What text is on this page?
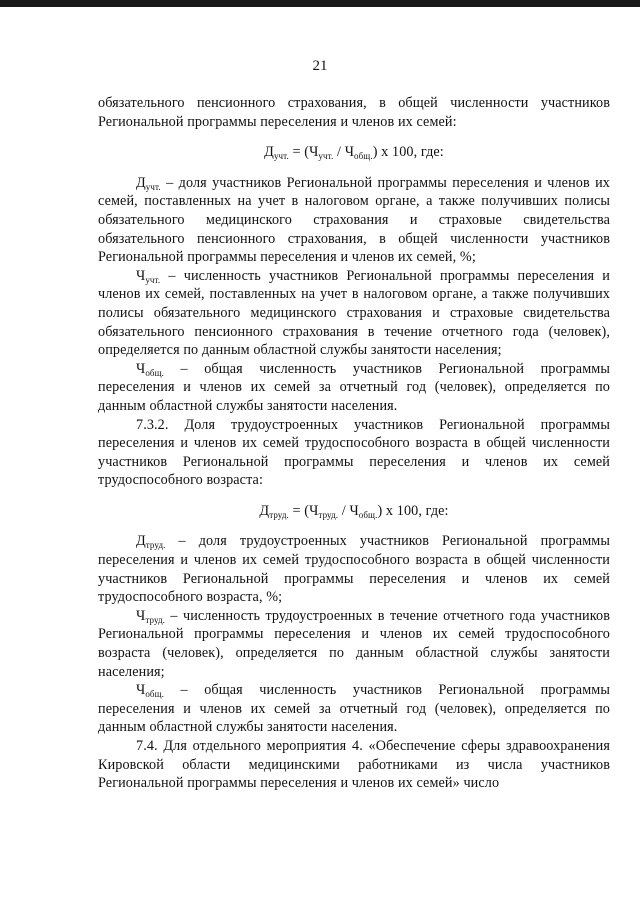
21

обязательного пенсионного страхования, в общей численности участников Региональной программы переселения и членов их семей:

$Д_{учт.} = (Ч_{учт.} / Ч_{общ.})$ х 100, где:

$Д_{учт.}$ – доля участников Региональной программы переселения и членов их семей, поставленных на учет в налоговом органе, а также получивших полисы обязательного медицинского страхования и страховые свидетельства обязательного пенсионного страхования, в общей численности участников Региональной программы переселения и членов их семей, %;

$Ч_{учт.}$ – численность участников Региональной программы переселения и членов их семей, поставленных на учет в налоговом органе, а также получивших полисы обязательного медицинского страхования и страховые свидетельства обязательного пенсионного страхования в течение отчетного года (человек), определяется по данным областной службы занятости населения;

$Ч_{общ.}$ – общая численность участников Региональной программы переселения и членов их семей за отчетный год (человек), определяется по данным областной службы занятости населения.

7.3.2. Доля трудоустроенных участников Региональной программы переселения и членов их семей трудоспособного возраста в общей численности участников Региональной программы переселения и членов их семей трудоспособного возраста:

$Д_{труд.} = (Ч_{труд.} / Ч_{общ.})$ х 100, где:

$Д_{труд.}$ – доля трудоустроенных участников Региональной программы переселения и членов их семей трудоспособного возраста в общей численности участников Региональной программы переселения и членов их семей трудоспособного возраста, %;

$Ч_{труд.}$ – численность трудоустроенных в течение отчетного года участников Региональной программы переселения и членов их семей трудоспособного возраста (человек), определяется по данным областной службы занятости населения;

$Ч_{общ.}$ – общая численность участников Региональной программы переселения и членов их семей за отчетный год (человек), определяется по данным областной службы занятости населения.

7.4. Для отдельного мероприятия 4. «Обеспечение сферы здравоохранения Кировской области медицинскими работниками из числа участников Региональной программы переселения и членов их семей» число
